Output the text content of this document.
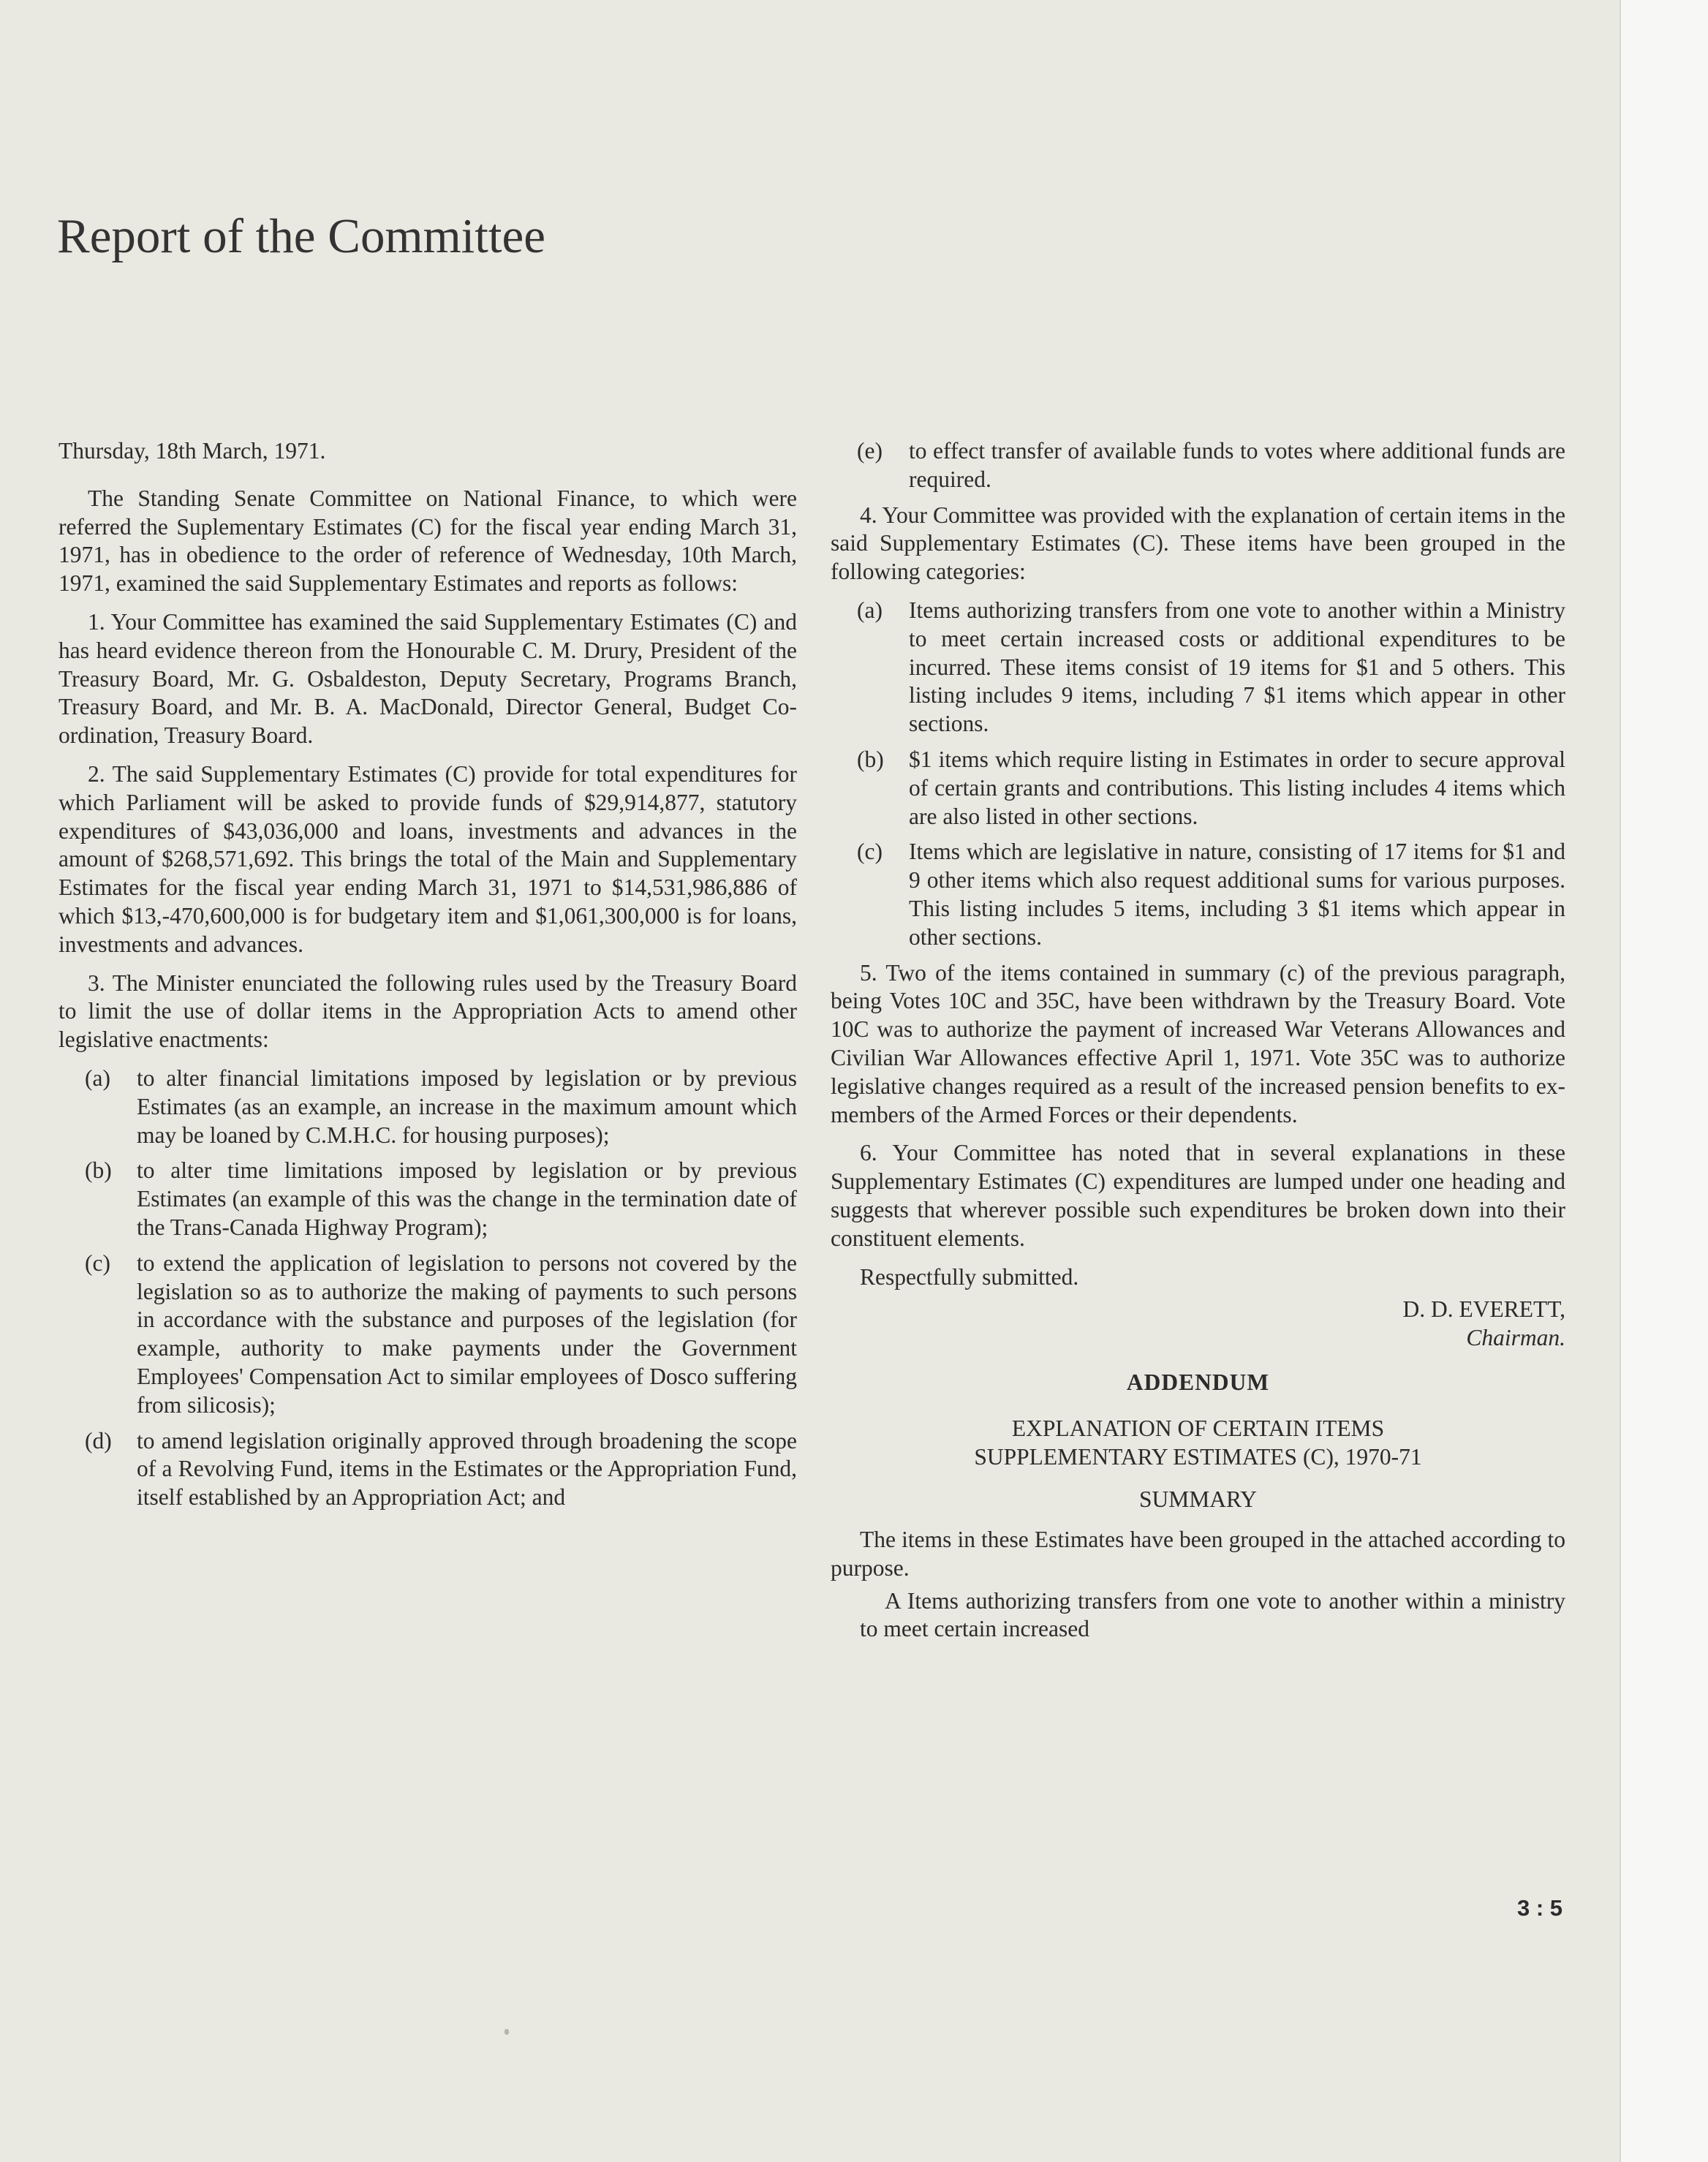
Report of the Committee

Thursday, 18th March, 1971.

The Standing Senate Committee on National Finance, to which were referred the Suplementary Estimates (C) for the fiscal year ending March 31, 1971, has in obedience to the order of reference of Wednesday, 10th March, 1971, examined the said Supplementary Estimates and reports as follows:

1. Your Committee has examined the said Supplementary Estimates (C) and has heard evidence thereon from the Honourable C. M. Drury, President of the Treasury Board, Mr. G. Osbaldeston, Deputy Secretary, Programs Branch, Treasury Board, and Mr. B. A. MacDonald, Director General, Budget Co-ordination, Treasury Board.

2. The said Supplementary Estimates (C) provide for total expenditures for which Parliament will be asked to provide funds of $29,914,877, statutory expenditures of $43,036,000 and loans, investments and advances in the amount of $268,571,692. This brings the total of the Main and Supplementary Estimates for the fiscal year ending March 31, 1971 to $14,531,986,886 of which $13,-470,600,000 is for budgetary item and $1,061,300,000 is for loans, investments and advances.

3. The Minister enunciated the following rules used by the Treasury Board to limit the use of dollar items in the Appropriation Acts to amend other legislative enactments:

(a) to alter financial limitations imposed by legislation or by previous Estimates (as an example, an increase in the maximum amount which may be loaned by C.M.H.C. for housing purposes);
(b) to alter time limitations imposed by legislation or by previous Estimates (an example of this was the change in the termination date of the Trans-Canada Highway Program);
(c) to extend the application of legislation to persons not covered by the legislation so as to authorize the making of payments to such persons in accordance with the substance and purposes of the legislation (for example, authority to make payments under the Government Employees' Compensation Act to similar employees of Dosco suffering from silicosis);
(d) to amend legislation originally approved through broadening the scope of a Revolving Fund, items in the Estimates or the Appropriation Fund, itself established by an Appropriation Act; and
(e) to effect transfer of available funds to votes where additional funds are required.

4. Your Committee was provided with the explanation of certain items in the said Supplementary Estimates (C). These items have been grouped in the following categories:

(a) Items authorizing transfers from one vote to another within a Ministry to meet certain increased costs or additional expenditures to be incurred. These items consist of 19 items for $1 and 5 others. This listing includes 9 items, including 7 $1 items which appear in other sections.
(b) $1 items which require listing in Estimates in order to secure approval of certain grants and contributions. This listing includes 4 items which are also listed in other sections.
(c) Items which are legislative in nature, consisting of 17 items for $1 and 9 other items which also request additional sums for various purposes. This listing includes 5 items, including 3 $1 items which appear in other sections.

5. Two of the items contained in summary (c) of the previous paragraph, being Votes 10C and 35C, have been withdrawn by the Treasury Board. Vote 10C was to authorize the payment of increased War Veterans Allowances and Civilian War Allowances effective April 1, 1971. Vote 35C was to authorize legislative changes required as a result of the increased pension benefits to ex-members of the Armed Forces or their dependents.

6. Your Committee has noted that in several explanations in these Supplementary Estimates (C) expenditures are lumped under one heading and suggests that wherever possible such expenditures be broken down into their constituent elements.

Respectfully submitted.

D. D. EVERETT,

Chairman.

ADDENDUM

EXPLANATION OF CERTAIN ITEMS

SUPPLEMENTARY ESTIMATES (C), 1970-71

SUMMARY

The items in these Estimates have been grouped in the attached according to purpose.

A Items authorizing transfers from one vote to another within a ministry to meet certain increased

3 : 5
